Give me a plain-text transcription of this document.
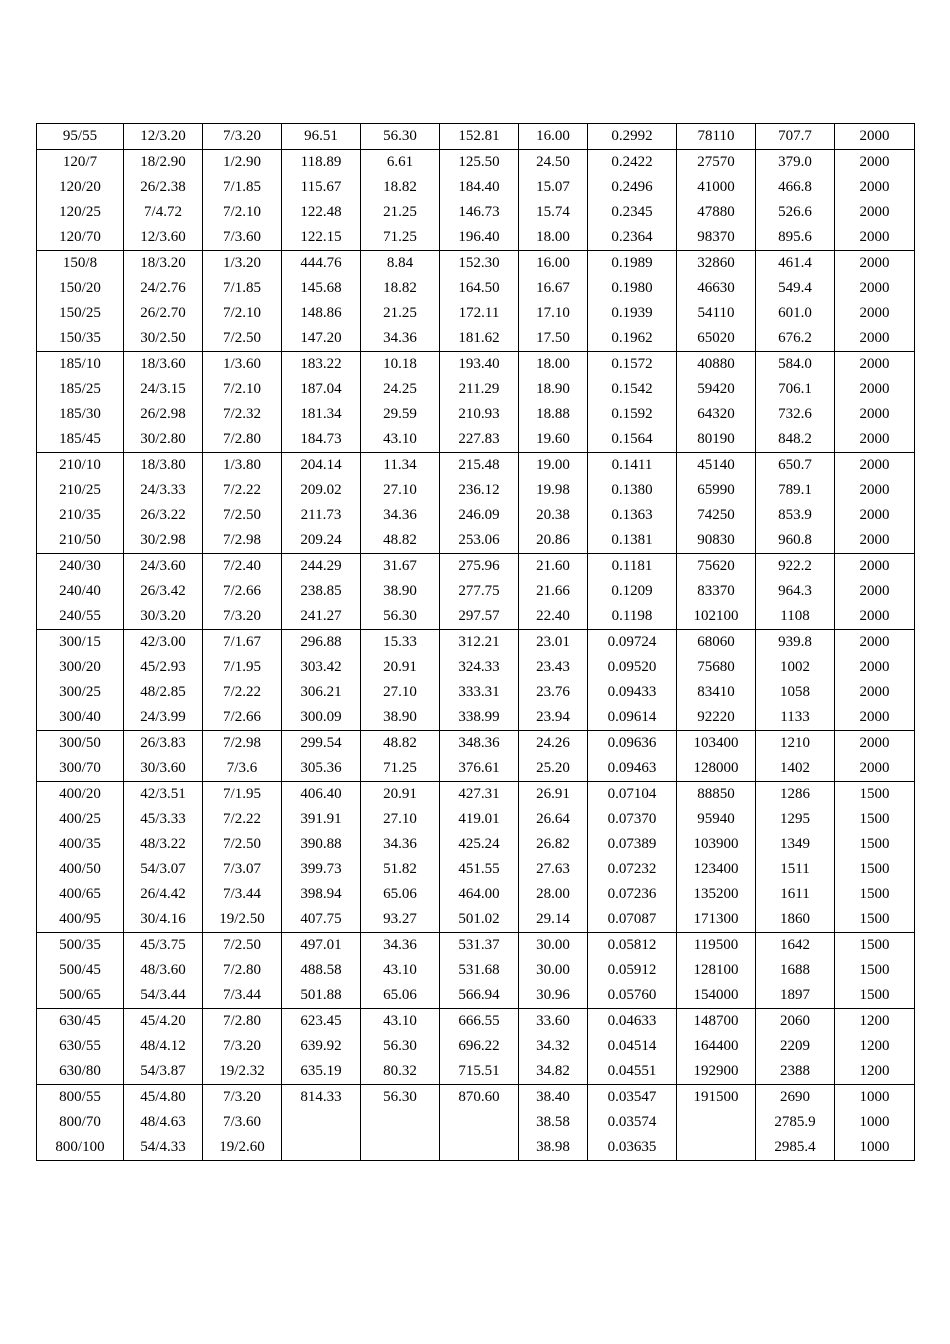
95/55	12/3.20	7/3.20	96.51	56.30	152.81	16.00	0.2992	78110	707.7	2000
120/7	18/2.90	1/2.90	118.89	6.61	125.50	24.50	0.2422	27570	379.0	2000
120/20	26/2.38	7/1.85	115.67	18.82	184.40	15.07	0.2496	41000	466.8	2000
120/25	7/4.72	7/2.10	122.48	21.25	146.73	15.74	0.2345	47880	526.6	2000
120/70	12/3.60	7/3.60	122.15	71.25	196.40	18.00	0.2364	98370	895.6	2000
150/8	18/3.20	1/3.20	444.76	8.84	152.30	16.00	0.1989	32860	461.4	2000
150/20	24/2.76	7/1.85	145.68	18.82	164.50	16.67	0.1980	46630	549.4	2000
150/25	26/2.70	7/2.10	148.86	21.25	172.11	17.10	0.1939	54110	601.0	2000
150/35	30/2.50	7/2.50	147.20	34.36	181.62	17.50	0.1962	65020	676.2	2000
185/10	18/3.60	1/3.60	183.22	10.18	193.40	18.00	0.1572	40880	584.0	2000
185/25	24/3.15	7/2.10	187.04	24.25	211.29	18.90	0.1542	59420	706.1	2000
185/30	26/2.98	7/2.32	181.34	29.59	210.93	18.88	0.1592	64320	732.6	2000
185/45	30/2.80	7/2.80	184.73	43.10	227.83	19.60	0.1564	80190	848.2	2000
210/10	18/3.80	1/3.80	204.14	11.34	215.48	19.00	0.1411	45140	650.7	2000
210/25	24/3.33	7/2.22	209.02	27.10	236.12	19.98	0.1380	65990	789.1	2000
210/35	26/3.22	7/2.50	211.73	34.36	246.09	20.38	0.1363	74250	853.9	2000
210/50	30/2.98	7/2.98	209.24	48.82	253.06	20.86	0.1381	90830	960.8	2000
240/30	24/3.60	7/2.40	244.29	31.67	275.96	21.60	0.1181	75620	922.2	2000
240/40	26/3.42	7/2.66	238.85	38.90	277.75	21.66	0.1209	83370	964.3	2000
240/55	30/3.20	7/3.20	241.27	56.30	297.57	22.40	0.1198	102100	1108	2000
300/15	42/3.00	7/1.67	296.88	15.33	312.21	23.01	0.09724	68060	939.8	2000
300/20	45/2.93	7/1.95	303.42	20.91	324.33	23.43	0.09520	75680	1002	2000
300/25	48/2.85	7/2.22	306.21	27.10	333.31	23.76	0.09433	83410	1058	2000
300/40	24/3.99	7/2.66	300.09	38.90	338.99	23.94	0.09614	92220	1133	2000
300/50	26/3.83	7/2.98	299.54	48.82	348.36	24.26	0.09636	103400	1210	2000
300/70	30/3.60	7/3.6	305.36	71.25	376.61	25.20	0.09463	128000	1402	2000
400/20	42/3.51	7/1.95	406.40	20.91	427.31	26.91	0.07104	88850	1286	1500
400/25	45/3.33	7/2.22	391.91	27.10	419.01	26.64	0.07370	95940	1295	1500
400/35	48/3.22	7/2.50	390.88	34.36	425.24	26.82	0.07389	103900	1349	1500
400/50	54/3.07	7/3.07	399.73	51.82	451.55	27.63	0.07232	123400	1511	1500
400/65	26/4.42	7/3.44	398.94	65.06	464.00	28.00	0.07236	135200	1611	1500
400/95	30/4.16	19/2.50	407.75	93.27	501.02	29.14	0.07087	171300	1860	1500
500/35	45/3.75	7/2.50	497.01	34.36	531.37	30.00	0.05812	119500	1642	1500
500/45	48/3.60	7/2.80	488.58	43.10	531.68	30.00	0.05912	128100	1688	1500
500/65	54/3.44	7/3.44	501.88	65.06	566.94	30.96	0.05760	154000	1897	1500
630/45	45/4.20	7/2.80	623.45	43.10	666.55	33.60	0.04633	148700	2060	1200
630/55	48/4.12	7/3.20	639.92	56.30	696.22	34.32	0.04514	164400	2209	1200
630/80	54/3.87	19/2.32	635.19	80.32	715.51	34.82	0.04551	192900	2388	1200
800/55	45/4.80	7/3.20	814.33	56.30	870.60	38.40	0.03547	191500	2690	1000
800/70	48/4.63	7/3.60				38.58	0.03574		2785.9	1000
800/100	54/4.33	19/2.60				38.98	0.03635		2985.4	1000
